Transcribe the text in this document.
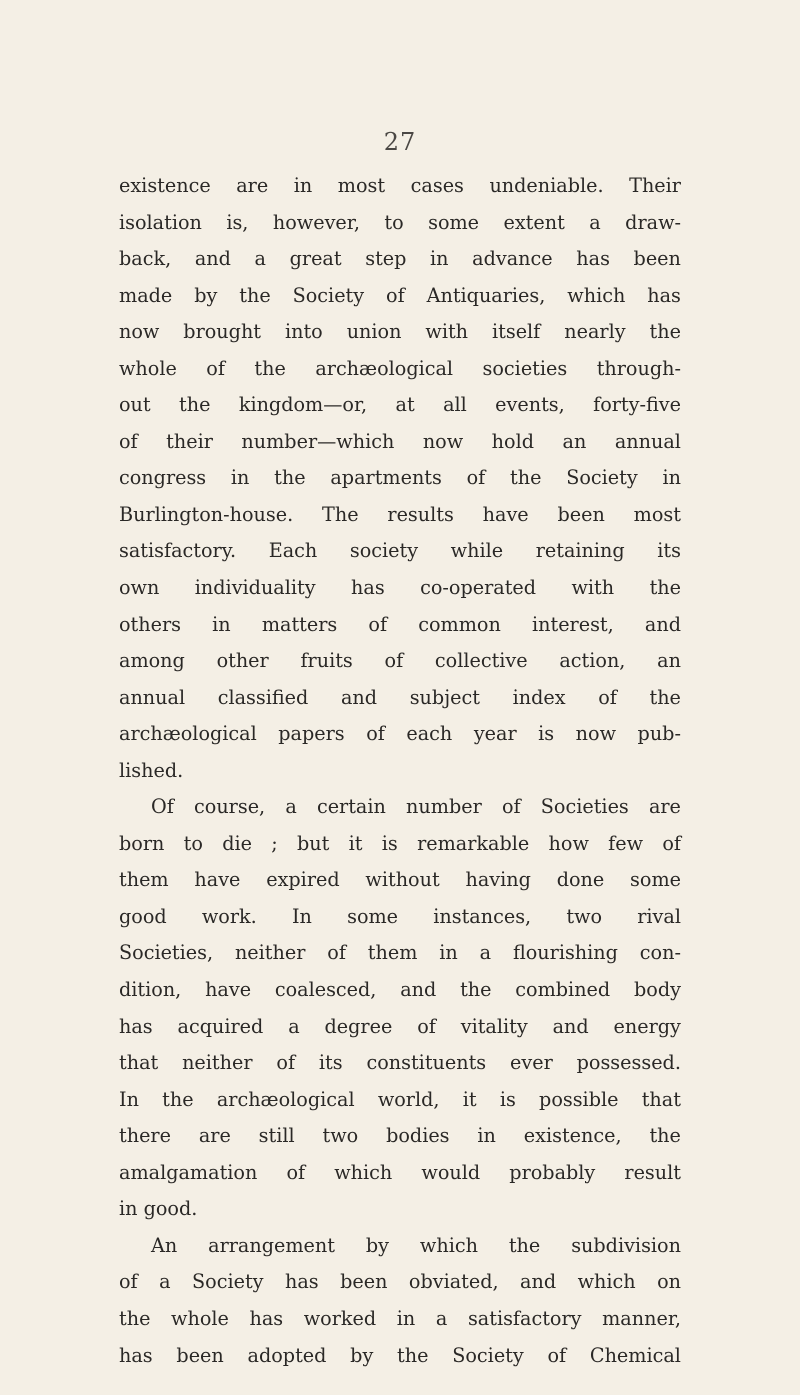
27
existence are in most cases undeniable. Their
isolation is, however, to some extent a draw-
back, and a great step in advance has been
made by the Society of Antiquaries, which has
now brought into union with itself nearly the
whole of the archæological societies through-
out the kingdom—or, at all events, forty-five
of their number—which now hold an annual
congress in the apartments of the Society in
Burlington-house. The results have been most
satisfactory. Each society while retaining its
own individuality has co-operated with the
others in matters of common interest, and
among other fruits of collective action, an
annual classified and subject index of the
archæological papers of each year is now pub-
lished.
Of course, a certain number of Societies are
born to die ; but it is remarkable how few of
them have expired without having done some
good work. In some instances, two rival
Societies, neither of them in a flourishing con-
dition, have coalesced, and the combined body
has acquired a degree of vitality and energy
that neither of its constituents ever possessed.
In the archæological world, it is possible that
there are still two bodies in existence, the
amalgamation of which would probably result
in good.
An arrangement by which the subdivision
of a Society has been obviated, and which on
the whole has worked in a satisfactory manner,
has been adopted by the Society of Chemical
